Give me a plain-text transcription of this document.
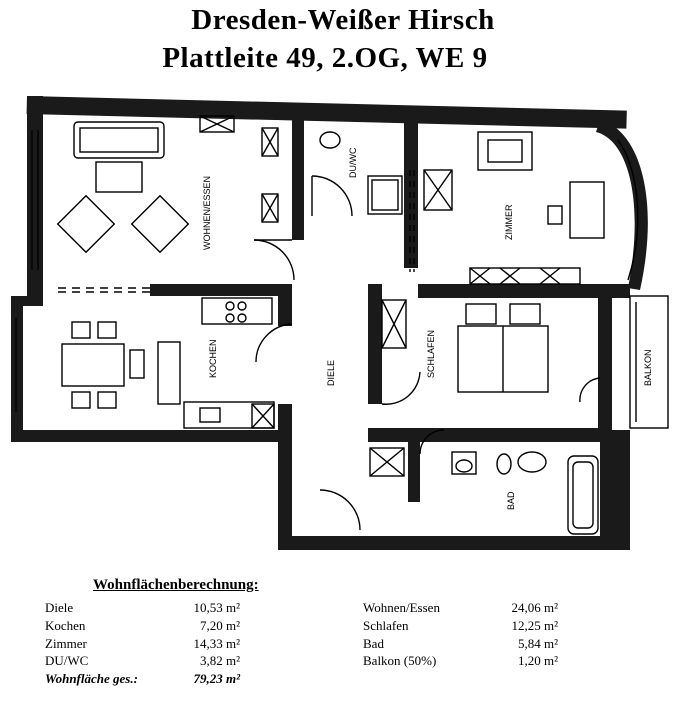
Dresden-Weißer Hirsch
Plattleite 49, 2.OG, WE 9
WOHNEN/ESSEN
DU/WC
ZIMMER
KOCHEN	DIELE	SCHLAFEN	BALKON
BAD
Wohnflächenberechnung:
Diele	10,53 m²
Kochen	7,20 m²
Zimmer	14,33 m²
DU/WC	3,82 m²
Wohnfläche ges.:	79,23 m²
Wohnen/Essen	24,06 m²
Schlafen	12,25 m²
Bad	5,84 m²
Balkon (50%)	1,20 m²
